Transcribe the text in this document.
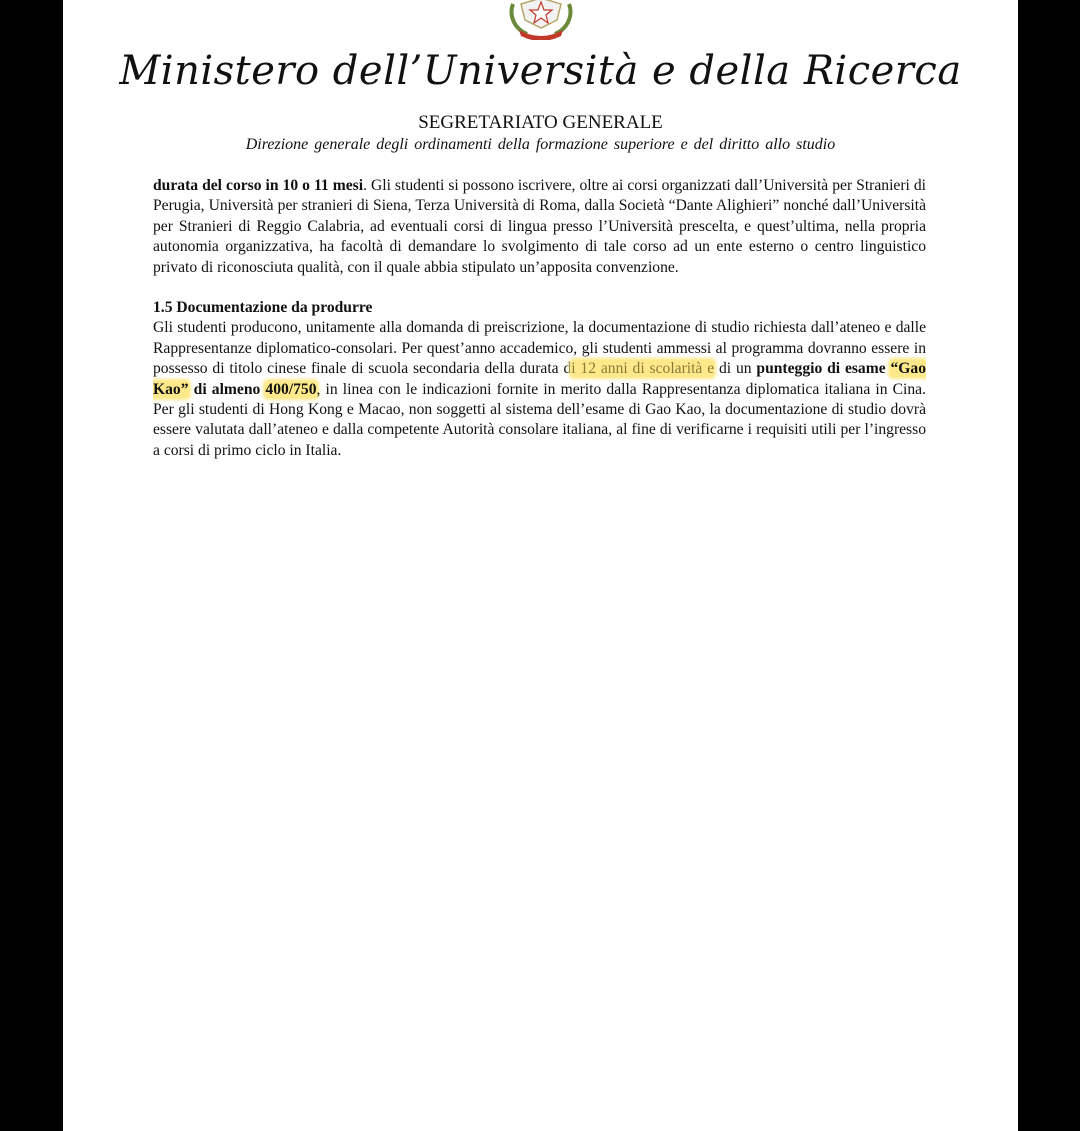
·
Ministero dell’Università e della Ricerca
SEGRETARIATO GENERALE
Direzione generale degli ordinamenti della formazione superiore e del diritto allo studio

durata del corso in 10 o 11 mesi. Gli studenti si possono iscrivere, oltre ai corsi organizzati dall’Università per Stranieri di Perugia, Università per stranieri di Siena, Terza Università di Roma, dalla Società “Dante Alighieri” nonché dall’Università per Stranieri di Reggio Calabria, ad eventuali corsi di lingua presso l’Università prescelta, e quest’ultima, nella propria autonomia organizzativa, ha facoltà di demandare lo svolgimento di tale corso ad un ente esterno o centro linguistico privato di riconosciuta qualità, con il quale abbia stipulato un’apposita convenzione.

1.5 Documentazione da produrre
Gli studenti producono, unitamente alla domanda di preiscrizione, la documentazione di studio richiesta dall’ateneo e dalle Rappresentanze diplomatico-consolari. Per quest’anno accademico, gli studenti ammessi al programma dovranno essere in possesso di titolo cinese finale di scuola secondaria della durata di 12 anni di scolarità e di un punteggio di esame “Gao Kao” di almeno 400/750, in linea con le indicazioni fornite in merito dalla Rappresentanza diplomatica italiana in Cina. Per gli studenti di Hong Kong e Macao, non soggetti al sistema dell’esame di Gao Kao, la documentazione di studio dovrà essere valutata dall’ateneo e dalla competente Autorità consolare italiana, al fine di verificarne i requisiti utili per l’ingresso a corsi di primo ciclo in Italia.
